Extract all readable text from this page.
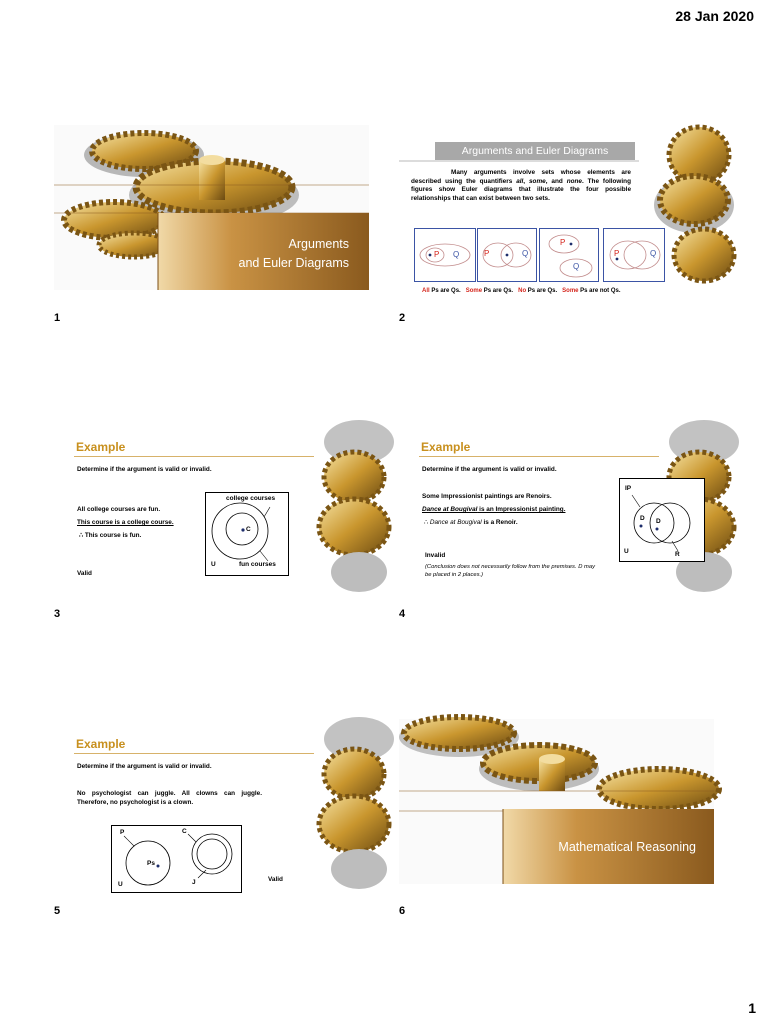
28 Jan 2020
Arguments
and Euler Diagrams
1
Arguments and Euler Diagrams
Many arguments involve sets whose elements are described using the quantifiers all, some, and none. The following figures show Euler diagrams that illustrate the four possible relationships that can exist between two sets.
P Q	P	Q
P
Q
P	Q
All Ps are Qs. Some Ps are Qs. No Ps are Qs. Some Ps are not Qs.
2
Example
Determine if the argument is valid or invalid.
All college courses are fun.
This course is a college course.
∴ This course is fun.
Valid
college courses
C
U	fun courses
3
Example
Determine if the argument is valid or invalid.
Some Impressionist paintings are Renoirs.
Dance at Bougival is an Impressionist painting.
∴ Dance at Bougival is a Renoir.
Invalid
(Conclusion does not necessarily follow from the premises. D may be placed in 2 places.)
IP
D D
U	R
4
Example
Determine if the argument is valid or invalid.
No psychologist can juggle. All clowns can juggle. Therefore, no psychologist is a clown.
Valid
P
Ps
C
J
U
5
Mathematical Reasoning
6
1
